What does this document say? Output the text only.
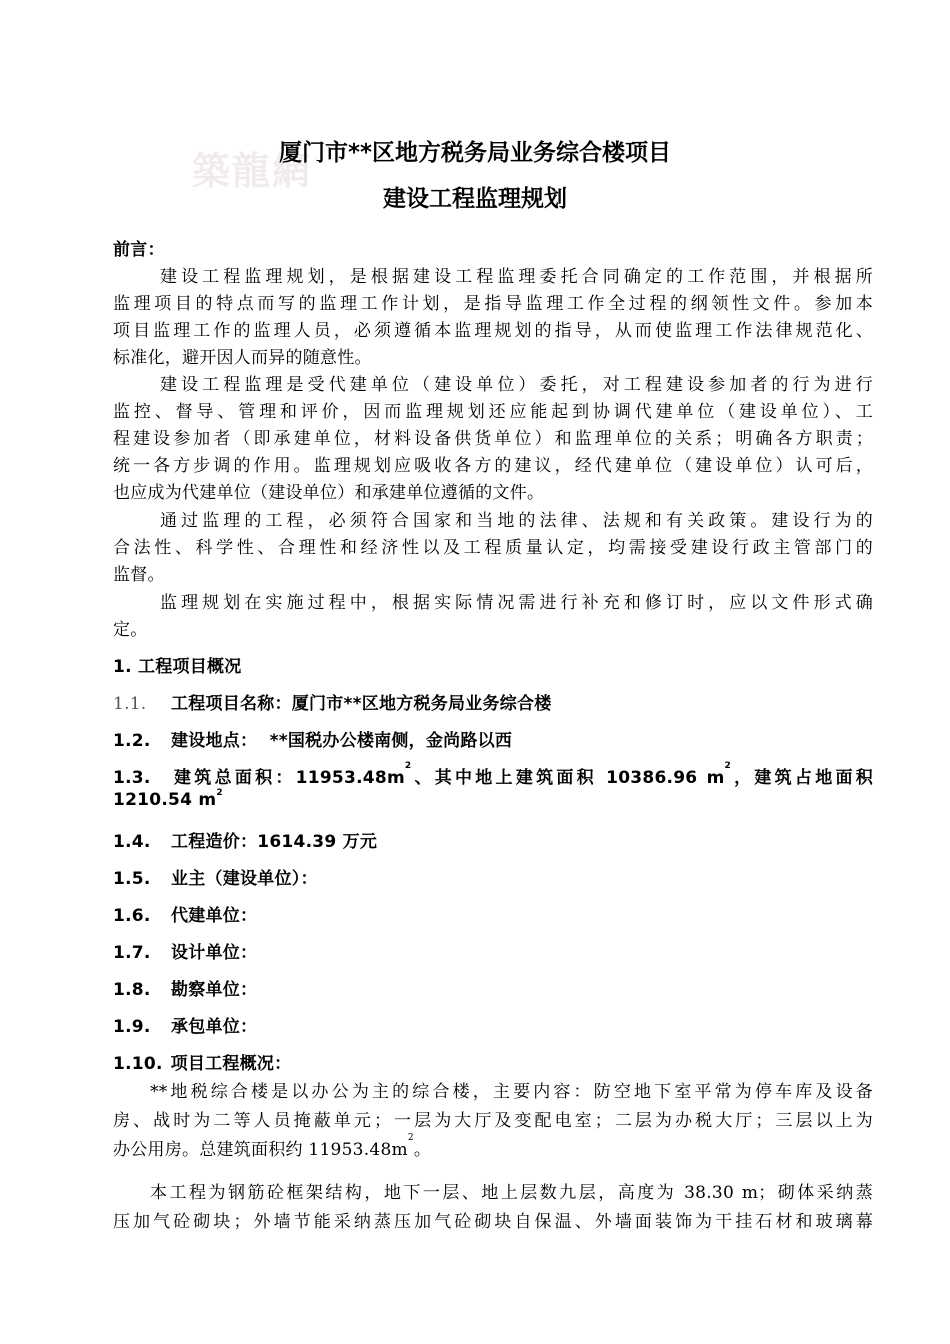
築龍網
厦门市**区地方税务局业务综合楼项目
建设工程监理规划
前言：
建设工程监理规划，是根据建设工程监理委托合同确定的工作范围，并根据所
监理项目的特点而写的监理工作计划，是指导监理工作全过程的纲领性文件。参加本
项目监理工作的监理人员，必须遵循本监理规划的指导，从而使监理工作法律规范化、
标准化，避开因人而异的随意性。
建设工程监理是受代建单位（建设单位）委托，对工程建设参加者的行为进行
监控、督导、管理和评价，因而监理规划还应能起到协调代建单位（建设单位）、工
程建设参加者（即承建单位，材料设备供货单位）和监理单位的关系；明确各方职责；
统一各方步调的作用。监理规划应吸收各方的建议，经代建单位（建设单位）认可后，
也应成为代建单位（建设单位）和承建单位遵循的文件。
通过监理的工程，必须符合国家和当地的法律、法规和有关政策。建设行为的
合法性、科学性、合理性和经济性以及工程质量认定，均需接受建设行政主管部门的
监督。
监理规划在实施过程中，根据实际情况需进行补充和修订时，应以文件形式确
定。
1. 工程项目概况
1.1. 工程项目名称：厦门市**区地方税务局业务综合楼
1.2. 建设地点：  **国税办公楼南侧，金尚路以西
1.3. 建筑总面积：$11953.48m^2$、其中地上建筑面积 10386.96 $m^2$，建筑占地面积
1210.54 $m^2$
1.4. 工程造价：1614.39 万元
1.5. 业主（建设单位）：
1.6. 代建单位：
1.7. 设计单位：
1.8. 勘察单位：
1.9. 承包单位：
1.10. 项目工程概况：
**地税综合楼是以办公为主的综合楼，主要内容：防空地下室平常为停车库及设备
房、战时为二等人员掩蔽单元；一层为大厅及变配电室；二层为办税大厅；三层以上为
办公用房。总建筑面积约 $11953.48m^2$。
本工程为钢筋砼框架结构，地下一层、地上层数九层，高度为 38.30 m；砌体采纳蒸
压加气砼砌块；外墙节能采纳蒸压加气砼砌块自保温、外墙面装饰为干挂石材和玻璃幕
